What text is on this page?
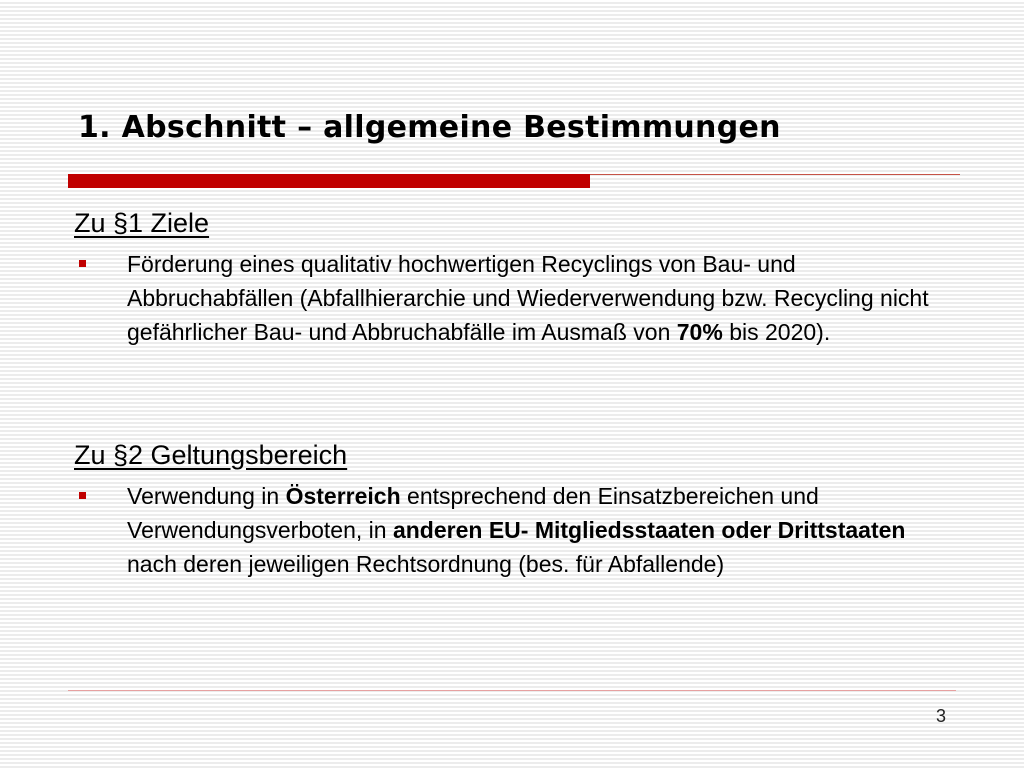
1. Abschnitt – allgemeine Bestimmungen
Zu §1 Ziele
Förderung eines qualitativ hochwertigen Recyclings von Bau- und Abbruchabfällen (Abfallhierarchie und Wiederverwendung bzw. Recycling nicht gefährlicher Bau- und Abbruchabfälle im Ausmaß von 70% bis 2020).
Zu §2 Geltungsbereich
Verwendung in Österreich entsprechend den Einsatzbereichen und Verwendungsverboten, in anderen EU- Mitgliedsstaaten oder Drittstaaten nach deren jeweiligen Rechtsordnung (bes. für Abfallende)
3
